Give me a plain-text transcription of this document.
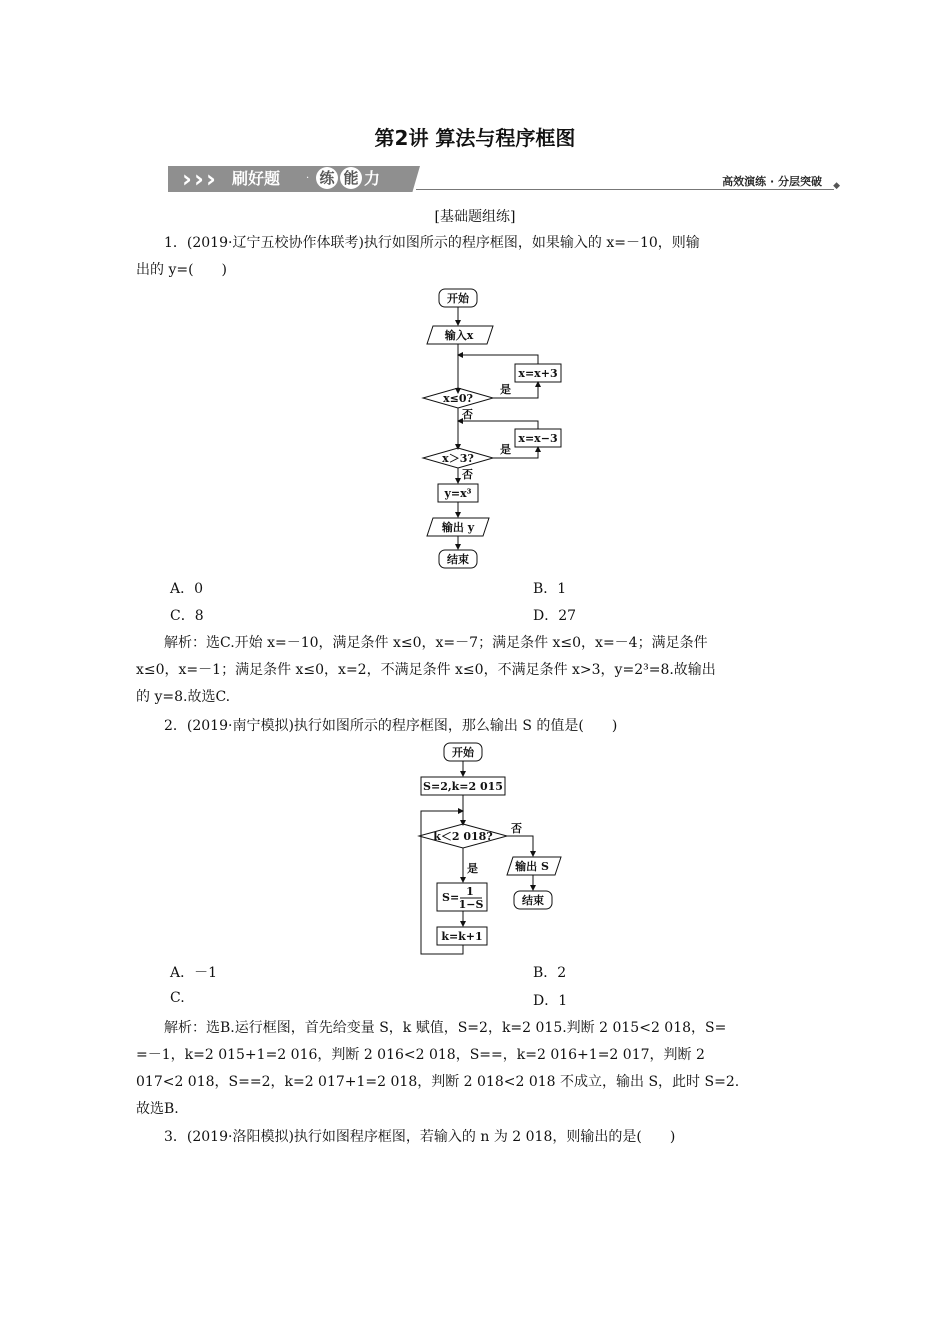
第2讲 算法与程序框图
› › › 刷好题	· 练 能 力	高效演练 · 分层突破 ◆
[基础题组练]
1．(2019·辽宁五校协作体联考)执行如图所示的程序框图，如果输入的 x=－10，则输
出的 y=(　　)
开始
输入x
x=x+3
是
x≤0?
否
x=x−3
是
x＞3?
否
y=x³
输出 y
结束
A．0	B．1
C．8	D．27
解析：选C.开始 x=－10，满足条件 x≤0，x=－7；满足条件 x≤0，x=－4；满足条件
x≤0，x=－1；满足条件 x≤0，x=2，不满足条件 x≤0，不满足条件 x>3，y=2³=8.故输出
的 y=8.故选C.
2．(2019·南宁模拟)执行如图所示的程序框图，那么输出 S 的值是(　　)
开始
S=2,k=2 015
k＜2 018?
否
是	输出 S
结束
S= 1
1−S
k=k+1
A．－1	B．2
C.	D．1
解析：选B.运行框图，首先给变量 S，k 赋值，S=2，k=2 015.判断 2 015<2 018，S=
=－1，k=2 015+1=2 016，判断 2 016<2 018，S==，k=2 016+1=2 017，判断 2
017<2 018，S==2，k=2 017+1=2 018，判断 2 018<2 018 不成立，输出 S，此时 S=2.
故选B.
3．(2019·洛阳模拟)执行如图程序框图，若输入的 n 为 2 018，则输出的是(　　)
